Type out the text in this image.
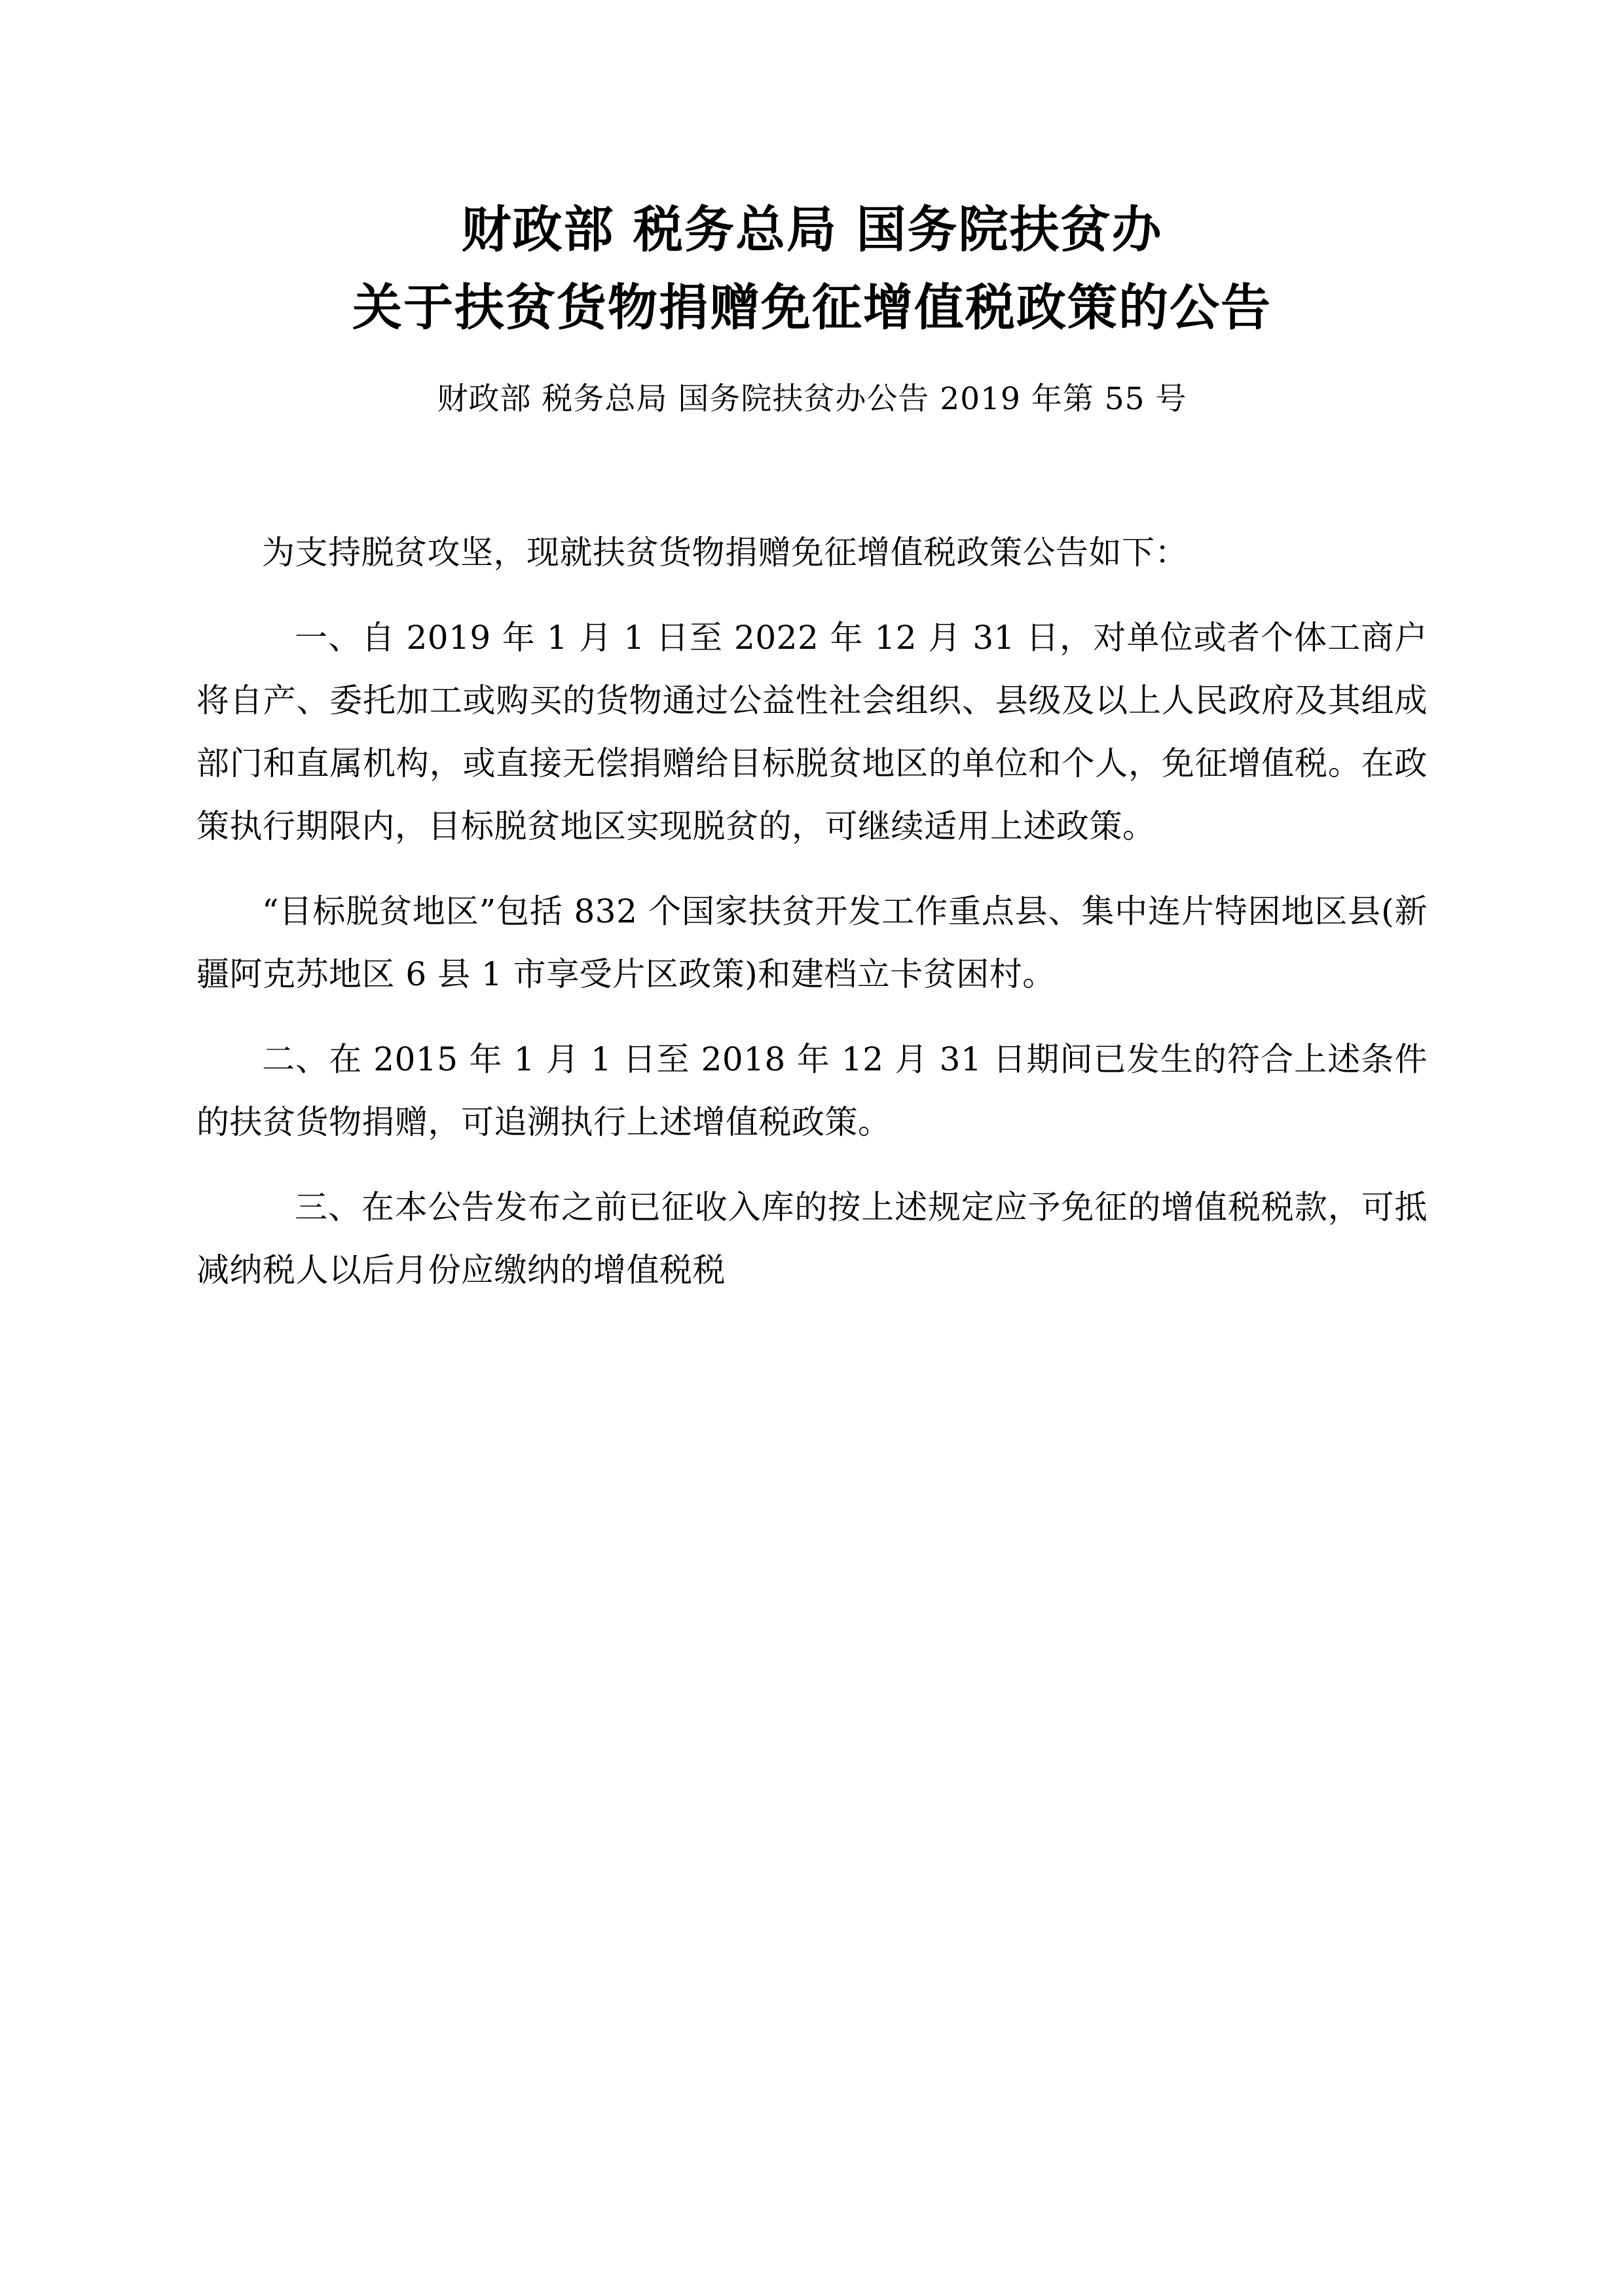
财政部 税务总局 国务院扶贫办
关于扶贫货物捐赠免征增值税政策的公告
财政部 税务总局 国务院扶贫办公告 2019 年第 55 号

为支持脱贫攻坚，现就扶贫货物捐赠免征增值税政策公告如下：

一、自 2019 年 1 月 1 日至 2022 年 12 月 31 日，对单位或者个体工商户将自产、委托加工或购买的货物通过公益性社会组织、县级及以上人民政府及其组成部门和直属机构，或直接无偿捐赠给目标脱贫地区的单位和个人，免征增值税。在政策执行期限内，目标脱贫地区实现脱贫的，可继续适用上述政策。

“目标脱贫地区”包括 832 个国家扶贫开发工作重点县、集中连片特困地区县(新疆阿克苏地区 6 县 1 市享受片区政策)和建档立卡贫困村。

二、在 2015 年 1 月 1 日至 2018 年 12 月 31 日期间已发生的符合上述条件的扶贫货物捐赠，可追溯执行上述增值税政策。

三、在本公告发布之前已征收入库的按上述规定应予免征的增值税税款，可抵减纳税人以后月份应缴纳的增值税税
